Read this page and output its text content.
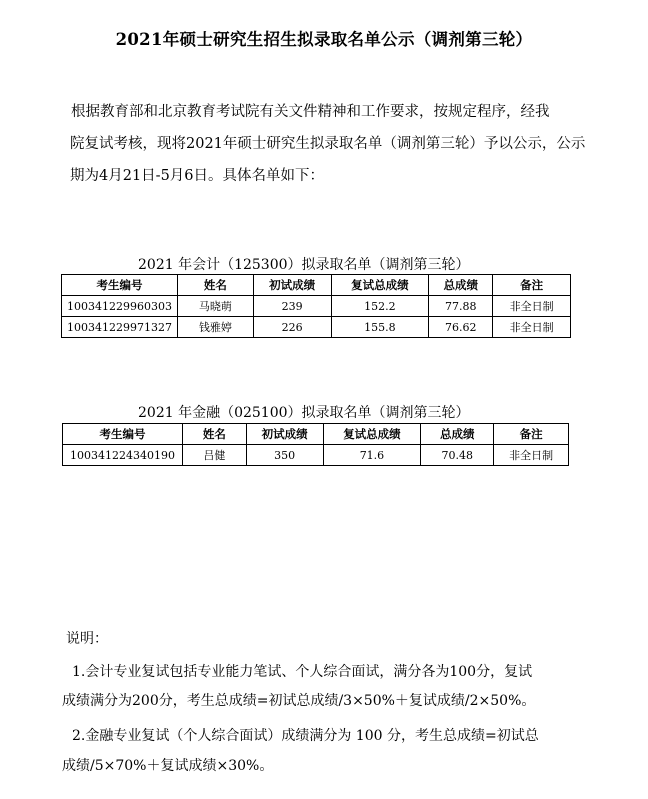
2021年硕士研究生招生拟录取名单公示（调剂第三轮）
根据教育部和北京教育考试院有关文件精神和工作要求，按规定程序，经我
院复试考核，现将2021年硕士研究生拟录取名单（调剂第三轮）予以公示，公示
期为4月21日-5月6日。具体名单如下：
2021 年会计（125300）拟录取名单（调剂第三轮）
考生编号	姓名	初试成绩	复试总成绩	总成绩	备注
100341229960303	马晓萌	239	152.2	77.88	非全日制
100341229971327	钱雅婷	226	155.8	76.62	非全日制
2021 年金融（025100）拟录取名单（调剂第三轮）
考生编号	姓名	初试成绩	复试总成绩	总成绩	备注
100341224340190	吕健	350	71.6	70.48	非全日制
说明：
1.会计专业复试包括专业能力笔试、个人综合面试，满分各为100分，复试
成绩满分为200分，考生总成绩=初试总成绩/3×50%＋复试成绩/2×50%。
2.金融专业复试（个人综合面试）成绩满分为 100 分，考生总成绩=初试总
成绩/5×70%＋复试成绩×30%。
